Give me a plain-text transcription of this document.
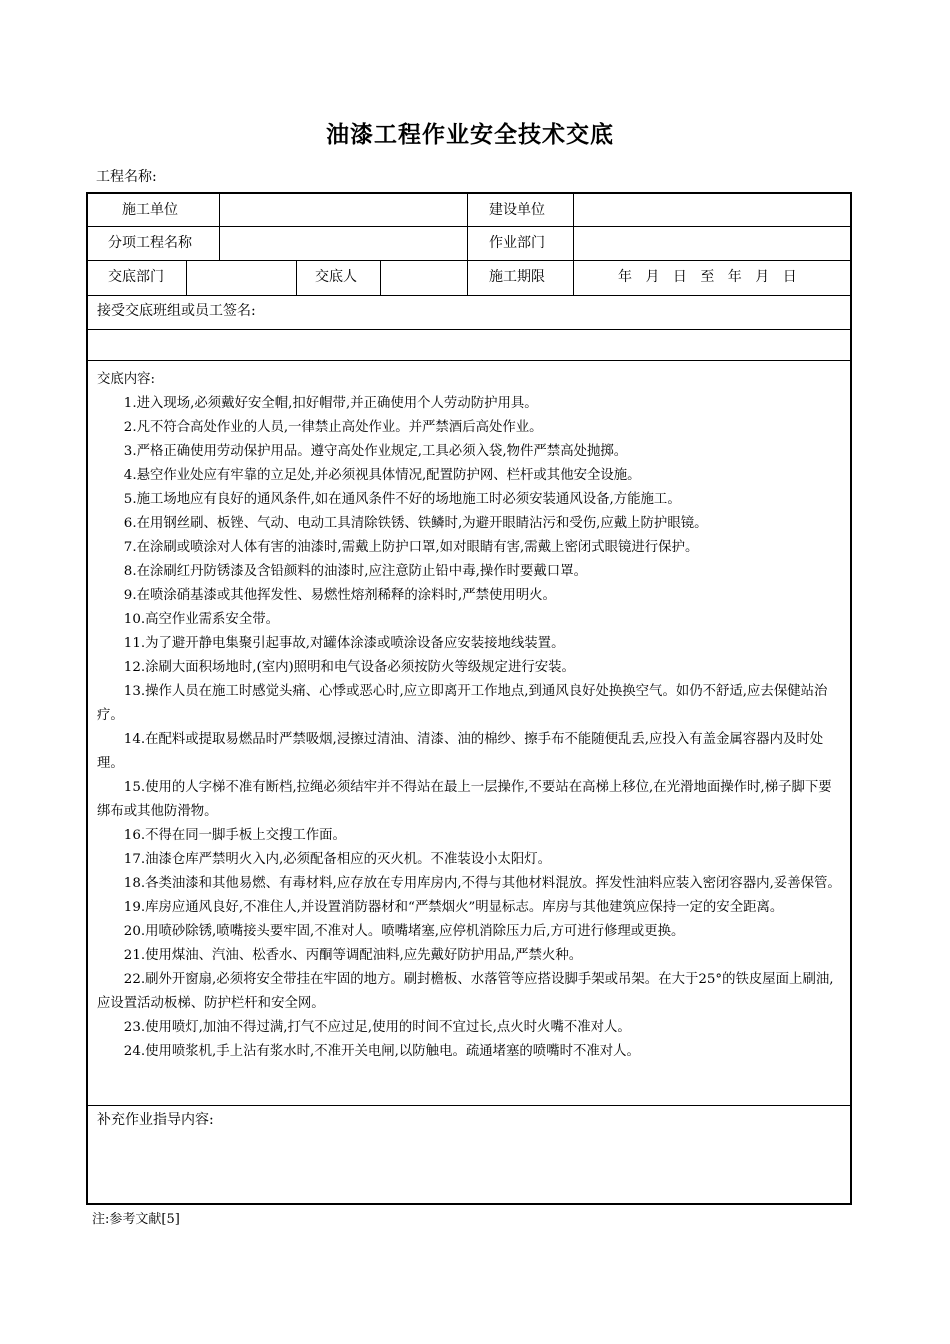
油漆工程作业安全技术交底
工程名称:
施工单位	建设单位
分项工程名称	作业部门
交底部门	交底人	施工期限	年 月 日 至 年 月 日
接受交底班组或员工签名:

交底内容:

1.进入现场,必须戴好安全帽,扣好帽带,并正确使用个人劳动防护用具。

2.凡不符合高处作业的人员,一律禁止高处作业。并严禁酒后高处作业。

3.严格正确使用劳动保护用品。遵守高处作业规定,工具必须入袋,物件严禁高处抛掷。

4.悬空作业处应有牢靠的立足处,并必须视具体情况,配置防护网、栏杆或其他安全设施。

5.施工场地应有良好的通风条件,如在通风条件不好的场地施工时必须安装通风设备,方能施工。

6.在用钢丝刷、板锉、气动、电动工具清除铁锈、铁鳞时,为避开眼睛沾污和受伤,应戴上防护眼镜。

7.在涂刷或喷涂对人体有害的油漆时,需戴上防护口罩,如对眼睛有害,需戴上密闭式眼镜进行保护。

8.在涂刷红丹防锈漆及含铅颜料的油漆时,应注意防止铅中毒,操作时要戴口罩。

9.在喷涂硝基漆或其他挥发性、易燃性熔剂稀释的涂料时,严禁使用明火。

10.高空作业需系安全带。

11.为了避开静电集聚引起事故,对罐体涂漆或喷涂设备应安装接地线装置。

12.涂刷大面积场地时,(室内)照明和电气设备必须按防火等级规定进行安装。

13.操作人员在施工时感觉头痛、心悸或恶心时,应立即离开工作地点,到通风良好处换换空气。如仍不舒适,应去保健站治疗。

14.在配料或提取易燃品时严禁吸烟,浸擦过清油、清漆、油的棉纱、擦手布不能随便乱丢,应投入有盖金属容器内及时处理。

15.使用的人字梯不准有断档,拉绳必须结牢并不得站在最上一层操作,不要站在高梯上移位,在光滑地面操作时,梯子脚下要绑布或其他防滑物。

16.不得在同一脚手板上交搜工作面。

17.油漆仓库严禁明火入内,必须配备相应的灭火机。不准装设小太阳灯。

18.各类油漆和其他易燃、有毒材料,应存放在专用库房内,不得与其他材料混放。挥发性油料应装入密闭容器内,妥善保管。

19.库房应通风良好,不准住人,并设置消防器材和“严禁烟火”明显标志。库房与其他建筑应保持一定的安全距离。

20.用喷砂除锈,喷嘴接头要牢固,不准对人。喷嘴堵塞,应停机消除压力后,方可进行修理或更换。

21.使用煤油、汽油、松香水、丙酮等调配油料,应先戴好防护用品,严禁火种。

22.刷外开窗扇,必须将安全带挂在牢固的地方。刷封檐板、水落管等应搭设脚手架或吊架。在大于25°的铁皮屋面上刷油,应设置活动板梯、防护栏杆和安全网。

23.使用喷灯,加油不得过满,打气不应过足,使用的时间不宜过长,点火时火嘴不准对人。

24.使用喷浆机,手上沾有浆水时,不准开关电闸,以防触电。疏通堵塞的喷嘴时不准对人。

补充作业指导内容:
注:参考文献[5]
